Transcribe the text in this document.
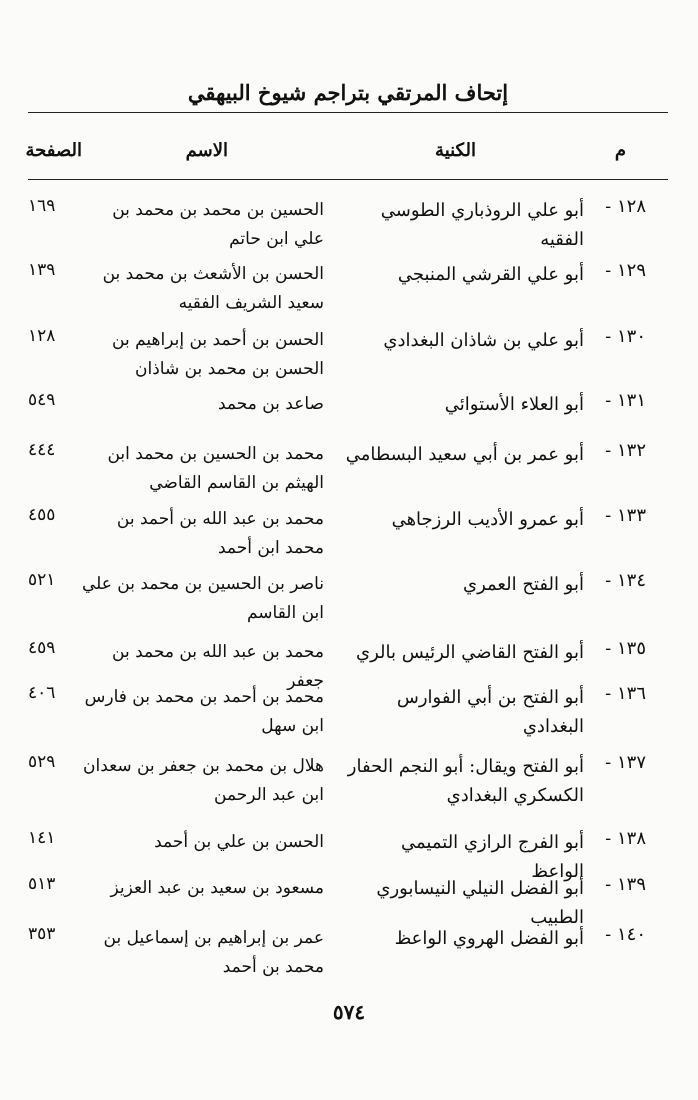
إتحاف المرتقي بتراجم شيوخ البيهقي
م
الكنية
الاسم
الصفحة
١٢٨ -
أبو علي الروذباري الطوسي الفقيه
الحسين بن محمد بن محمد بن علي ابن حاتم
١٦٩
١٢٩ -
أبو علي القرشي المنبجي
الحسن بن الأشعث بن محمد بن سعيد الشريف الفقيه
١٣٩
١٣٠ -
أبو علي بن شاذان البغدادي
الحسن بن أحمد بن إبراهيم بن الحسن بن محمد بن شاذان
١٢٨
١٣١ -
أبو العلاء الأستوائي
صاعد بن محمد
٥٤٩
١٣٢ -
أبو عمر بن أبي سعيد البسطامي
محمد بن الحسين بن محمد ابن الهيثم بن القاسم القاضي
٤٤٤
١٣٣ -
أبو عمرو الأديب الرزجاهي
محمد بن عبد الله بن أحمد بن محمد ابن أحمد
٤٥٥
١٣٤ -
أبو الفتح العمري
ناصر بن الحسين بن محمد بن علي ابن القاسم
٥٢١
١٣٥ -
أبو الفتح القاضي الرئيس بالري
محمد بن عبد الله بن محمد بن جعفر
٤٥٩
١٣٦ -
أبو الفتح بن أبي الفوارس البغدادي
محمد بن أحمد بن محمد بن فارس ابن سهل
٤٠٦
١٣٧ -
أبو الفتح ويقال: أبو النجم الحفار الكسكري البغدادي
هلال بن محمد بن جعفر بن سعدان ابن عبد الرحمن
٥٢٩
١٣٨ -
أبو الفرج الرازي التميمي الواعظ
الحسن بن علي بن أحمد
١٤١
١٣٩ -
أبو الفضل النيلي النيسابوري الطبيب
مسعود بن سعيد بن عبد العزيز
٥١٣
١٤٠ -
أبو الفضل الهروي الواعظ
عمر بن إبراهيم بن إسماعيل بن محمد بن أحمد
٣٥٣
٥٧٤
